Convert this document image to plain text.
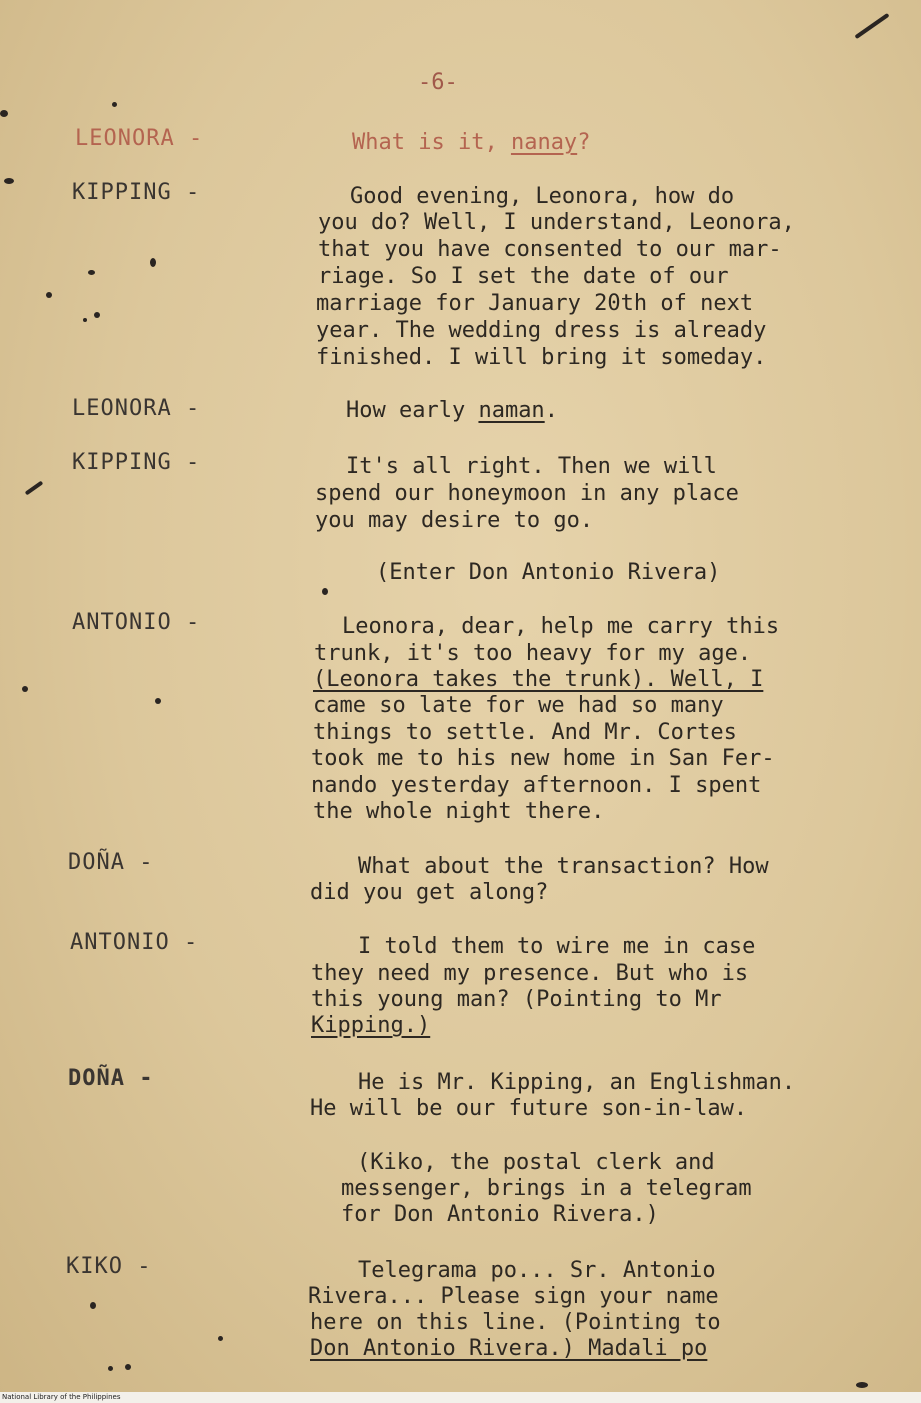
-6-
LEONORA -	What is it, nanay?
KIPPING -	Good evening, Leonora, how do
you do? Well, I understand, Leonora,
that you have consented to our mar-
riage. So I set the date of our
marriage for January 20th of next
year. The wedding dress is already
finished. I will bring it someday.
LEONORA -	How early naman.
KIPPING -	It's all right. Then we will
spend our honeymoon in any place
you may desire to go.
(Enter Don Antonio Rivera)
ANTONIO -	Leonora, dear, help me carry this
trunk, it's too heavy for my age.
(Leonora takes the trunk). Well, I
came so late for we had so many
things to settle. And Mr. Cortes
took me to his new home in San Fer-
nando yesterday afternoon. I spent
the whole night there.
DOÑA -	What about the transaction? How
did you get along?
ANTONIO -	I told them to wire me in case
they need my presence. But who is
this young man? (Pointing to Mr
Kipping.)
DOÑA -	He is Mr. Kipping, an Englishman.
He will be our future son-in-law.
(Kiko, the postal clerk and
messenger, brings in a telegram
for Don Antonio Rivera.)
KIKO -	Telegrama po... Sr. Antonio
Rivera... Please sign your name
here on this line. (Pointing to
Don Antonio Rivera.) Madali po
National Library of the Philippines
